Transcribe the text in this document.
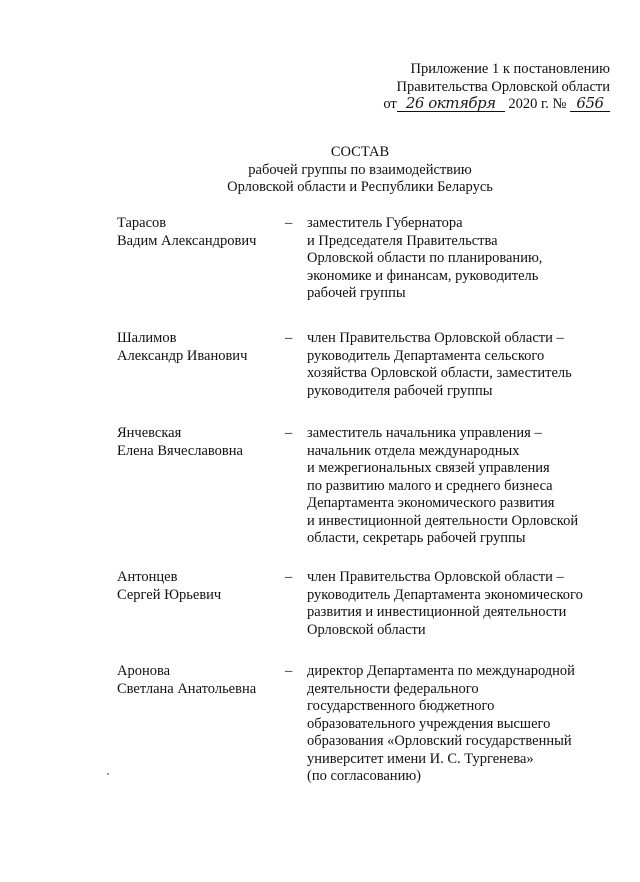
Приложение 1 к постановлению
Правительства Орловской области
от 26 октября 2020 г. № 656
СОСТАВ
рабочей группы по взаимодействию
Орловской области и Республики Беларусь
Тарасов
Вадим Александрович
– заместитель Губернатора
и Председателя Правительства
Орловской области по планированию,
экономике и финансам, руководитель
рабочей группы
Шалимов
Александр Иванович
– член Правительства Орловской области –
руководитель Департамента сельского
хозяйства Орловской области, заместитель
руководителя рабочей группы
Янчевская
Елена Вячеславовна
– заместитель начальника управления –
начальник отдела международных
и межрегиональных связей управления
по развитию малого и среднего бизнеса
Департамента экономического развития
и инвестиционной деятельности Орловской
области, секретарь рабочей группы
Антонцев
Сергей Юрьевич
– член Правительства Орловской области –
руководитель Департамента экономического
развития и инвестиционной деятельности
Орловской области
Аронова
Светлана Анатольевна
– директор Департамента по международной
деятельности федерального
государственного бюджетного
образовательного учреждения высшего
образования «Орловский государственный
университет имени И. С. Тургенева»
(по согласованию)
